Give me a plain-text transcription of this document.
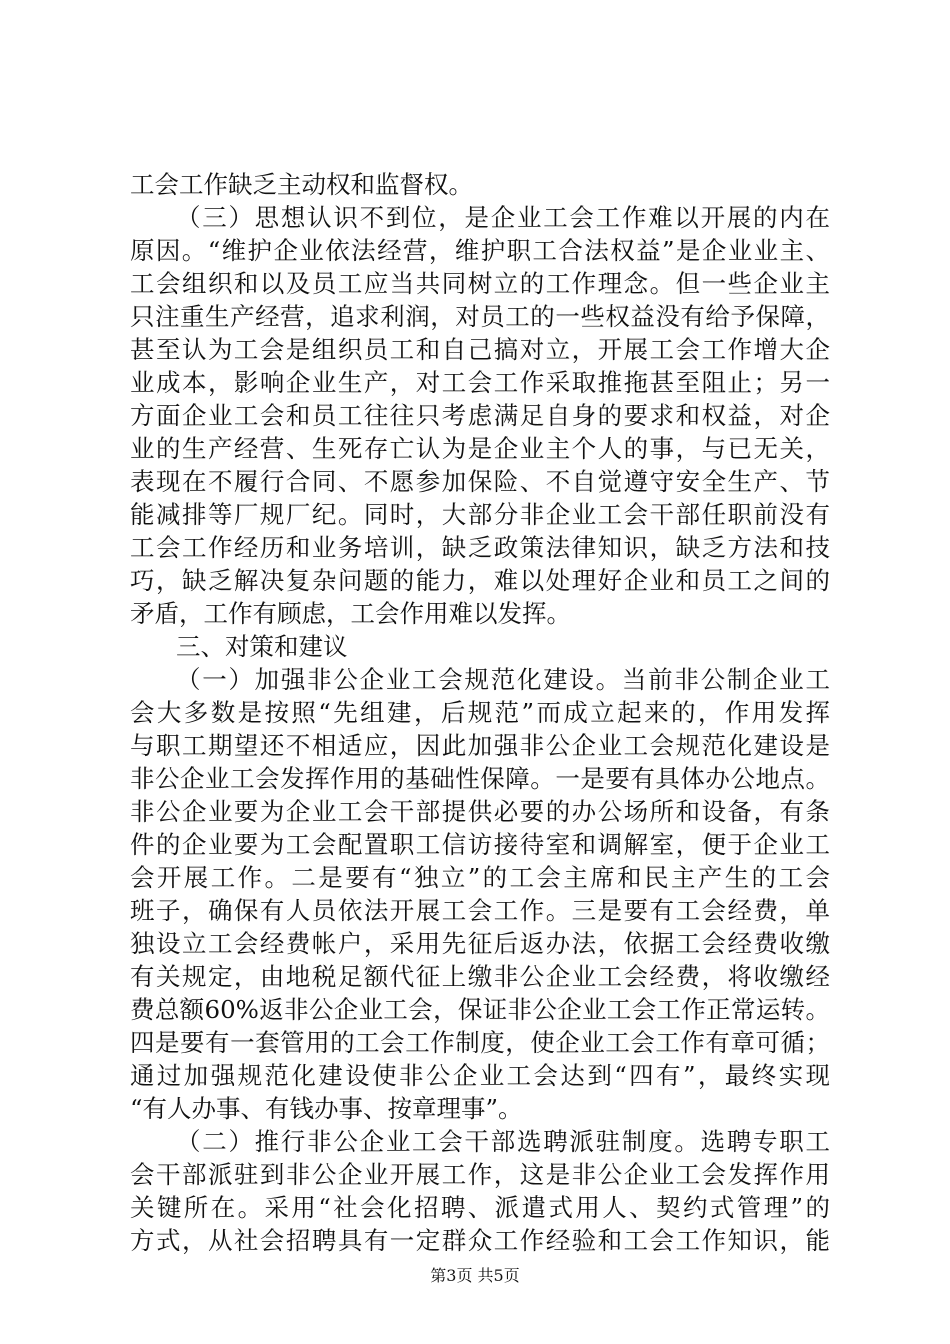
工会工作缺乏主动权和监督权。
（三）思想认识不到位，是企业工会工作难以开展的内在
原因。“维护企业依法经营，维护职工合法权益”是企业业主、
工会组织和以及员工应当共同树立的工作理念。但一些企业主
只注重生产经营，追求利润，对员工的一些权益没有给予保障，
甚至认为工会是组织员工和自己搞对立，开展工会工作增大企
业成本，影响企业生产，对工会工作采取推拖甚至阻止；另一
方面企业工会和员工往往只考虑满足自身的要求和权益，对企
业的生产经营、生死存亡认为是企业主个人的事，与已无关，
表现在不履行合同、不愿参加保险、不自觉遵守安全生产、节
能减排等厂规厂纪。同时，大部分非企业工会干部任职前没有
工会工作经历和业务培训，缺乏政策法律知识，缺乏方法和技
巧，缺乏解决复杂问题的能力，难以处理好企业和员工之间的
矛盾，工作有顾虑，工会作用难以发挥。
三、对策和建议
（一）加强非公企业工会规范化建设。当前非公制企业工
会大多数是按照“先组建，后规范”而成立起来的，作用发挥
与职工期望还不相适应，因此加强非公企业工会规范化建设是
非公企业工会发挥作用的基础性保障。一是要有具体办公地点。
非公企业要为企业工会干部提供必要的办公场所和设备，有条
件的企业要为工会配置职工信访接待室和调解室，便于企业工
会开展工作。二是要有“独立”的工会主席和民主产生的工会
班子，确保有人员依法开展工会工作。三是要有工会经费，单
独设立工会经费帐户，采用先征后返办法，依据工会经费收缴
有关规定，由地税足额代征上缴非公企业工会经费，将收缴经
费总额60%返非公企业工会，保证非公企业工会工作正常运转。
四是要有一套管用的工会工作制度，使企业工会工作有章可循；
通过加强规范化建设使非公企业工会达到“四有”，最终实现
“有人办事、有钱办事、按章理事”。
（二）推行非公企业工会干部选聘派驻制度。选聘专职工
会干部派驻到非公企业开展工作，这是非公企业工会发挥作用
关键所在。采用“社会化招聘、派遣式用人、契约式管理”的
方式，从社会招聘具有一定群众工作经验和工会工作知识，能
第3页 共5页
